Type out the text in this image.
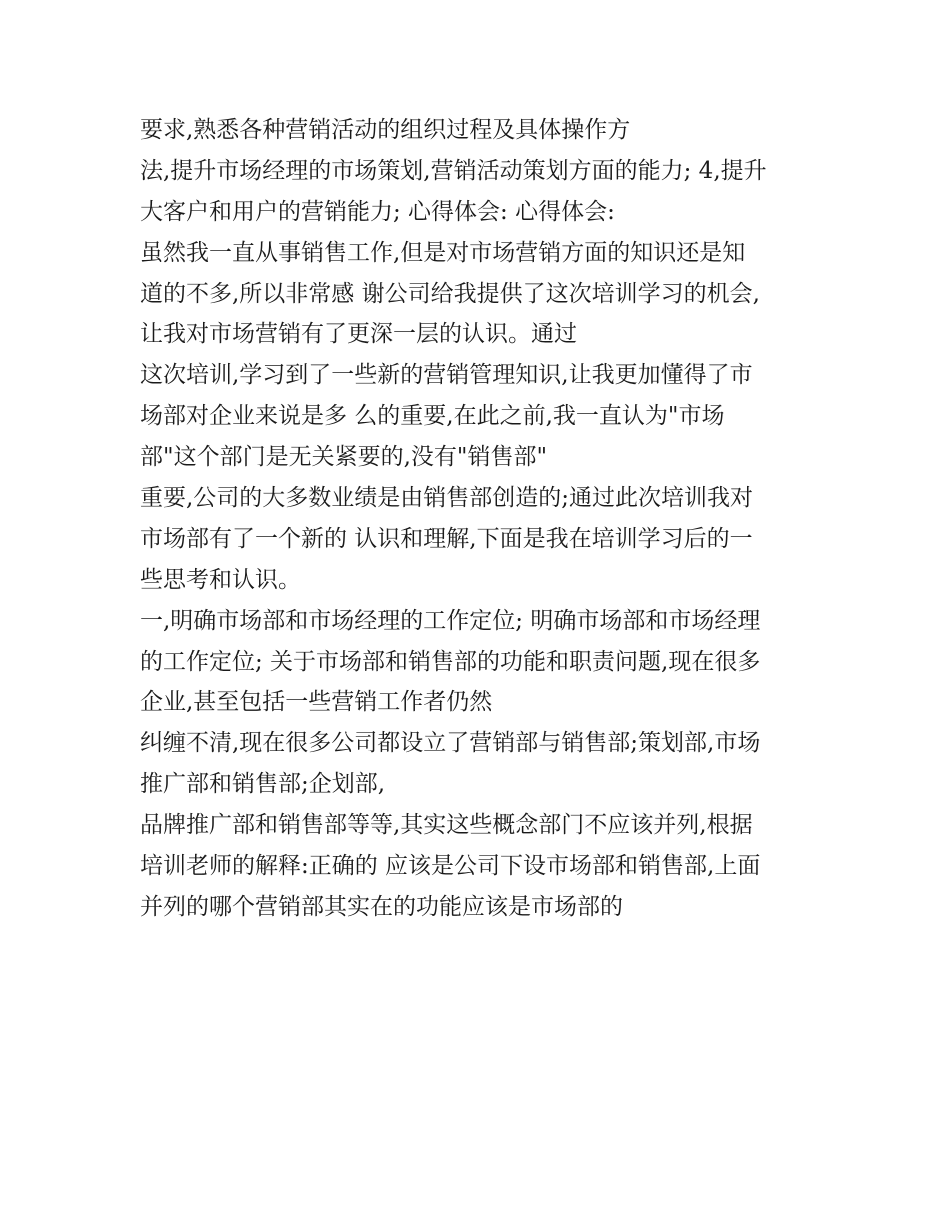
要求,熟悉各种营销活动的组织过程及具体操作方
法,提升市场经理的市场策划,营销活动策划方面的能力; 4,提升
大客户和用户的营销能力; 心得体会: 心得体会:
虽然我一直从事销售工作,但是对市场营销方面的知识还是知
道的不多,所以非常感 谢公司给我提供了这次培训学习的机会,
让我对市场营销有了更深一层的认识。通过
这次培训,学习到了一些新的营销管理知识,让我更加懂得了市
场部对企业来说是多 么的重要,在此之前,我一直认为"市场
部"这个部门是无关紧要的,没有"销售部"
重要,公司的大多数业绩是由销售部创造的;通过此次培训我对
市场部有了一个新的 认识和理解,下面是我在培训学习后的一
些思考和认识。
一,明确市场部和市场经理的工作定位; 明确市场部和市场经理
的工作定位; 关于市场部和销售部的功能和职责问题,现在很多
企业,甚至包括一些营销工作者仍然
纠缠不清,现在很多公司都设立了营销部与销售部;策划部,市场
推广部和销售部;企划部,
品牌推广部和销售部等等,其实这些概念部门不应该并列,根据
培训老师的解释:正确的 应该是公司下设市场部和销售部,上面
并列的哪个营销部其实在的功能应该是市场部的
